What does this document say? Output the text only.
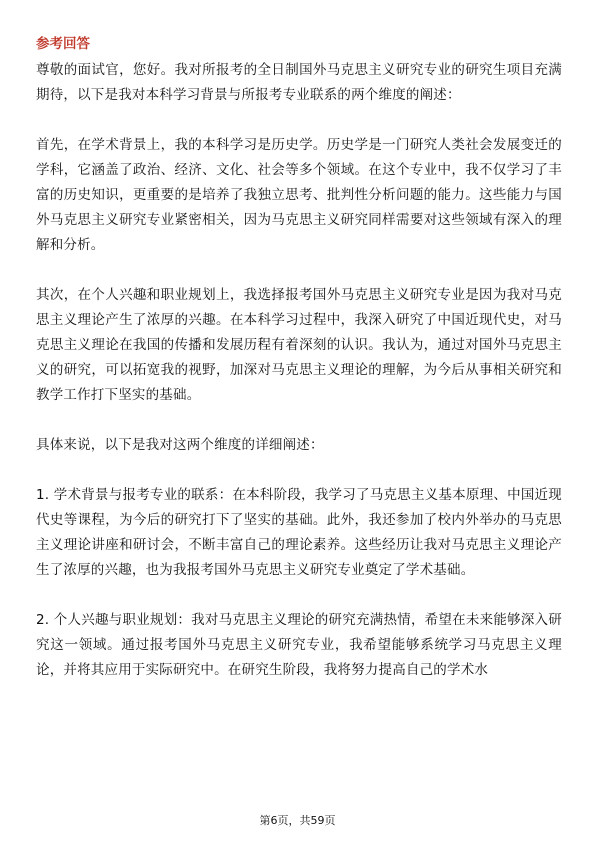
参考回答

尊敬的面试官，您好。我对所报考的全日制国外马克思主义研究专业的研究生项目充满期待，以下是我对本科学习背景与所报考专业联系的两个维度的阐述：

首先，在学术背景上，我的本科学习是历史学。历史学是一门研究人类社会发展变迁的学科，它涵盖了政治、经济、文化、社会等多个领域。在这个专业中，我不仅学习了丰富的历史知识，更重要的是培养了我独立思考、批判性分析问题的能力。这些能力与国外马克思主义研究专业紧密相关，因为马克思主义研究同样需要对这些领域有深入的理解和分析。

其次，在个人兴趣和职业规划上，我选择报考国外马克思主义研究专业是因为我对马克思主义理论产生了浓厚的兴趣。在本科学习过程中，我深入研究了中国近现代史，对马克思主义理论在我国的传播和发展历程有着深刻的认识。我认为，通过对国外马克思主义的研究，可以拓宽我的视野，加深对马克思主义理论的理解，为今后从事相关研究和教学工作打下坚实的基础。

具体来说，以下是我对这两个维度的详细阐述：

1. 学术背景与报考专业的联系：在本科阶段，我学习了马克思主义基本原理、中国近现代史等课程，为今后的研究打下了坚实的基础。此外，我还参加了校内外举办的马克思主义理论讲座和研讨会，不断丰富自己的理论素养。这些经历让我对马克思主义理论产生了浓厚的兴趣，也为我报考国外马克思主义研究专业奠定了学术基础。

2. 个人兴趣与职业规划：我对马克思主义理论的研究充满热情，希望在未来能够深入研究这一领域。通过报考国外马克思主义研究专业，我希望能够系统学习马克思主义理论，并将其应用于实际研究中。在研究生阶段，我将努力提高自己的学术水

第6页，共59页
